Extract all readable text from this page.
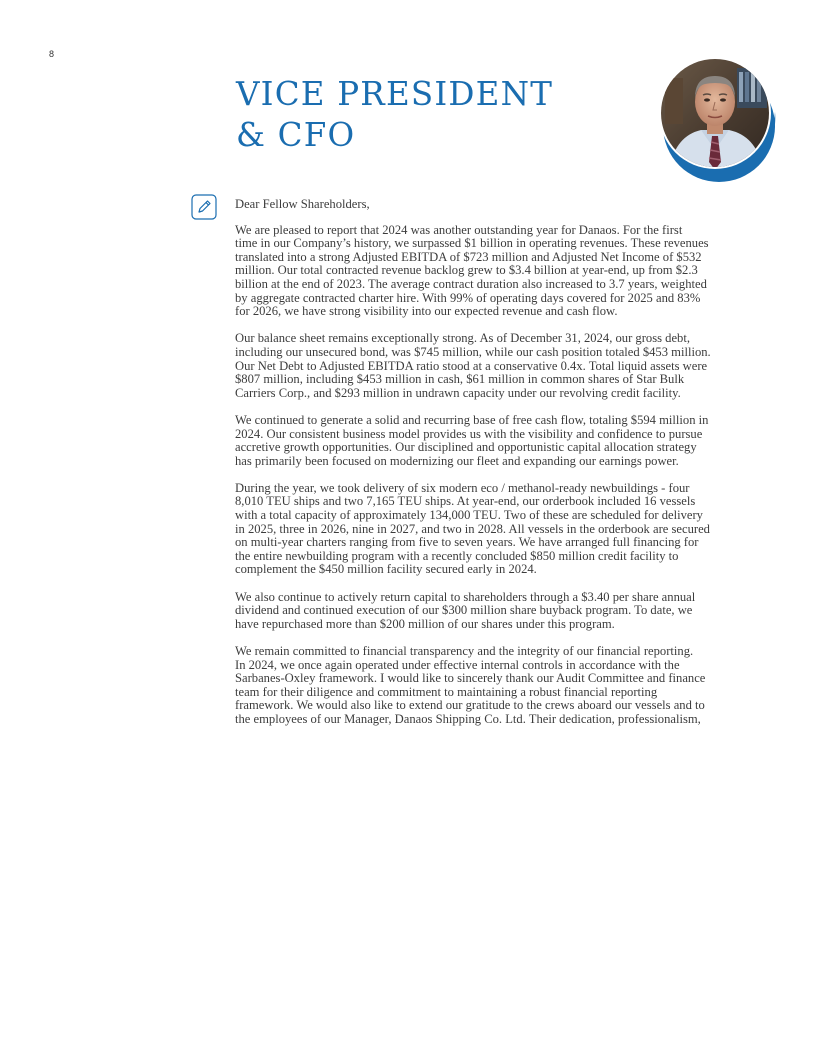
8
VICE PRESIDENT
& CFO

Dear Fellow Shareholders,

We are pleased to report that 2024 was another outstanding year for Danaos. For the first
time in our Company’s history, we surpassed $1 billion in operating revenues. These revenues
translated into a strong Adjusted EBITDA of $723 million and Adjusted Net Income of $532
million. Our total contracted revenue backlog grew to $3.4 billion at year-end, up from $2.3
billion at the end of 2023. The average contract duration also increased to 3.7 years, weighted
by aggregate contracted charter hire. With 99% of operating days covered for 2025 and 83%
for 2026, we have strong visibility into our expected revenue and cash flow.

Our balance sheet remains exceptionally strong. As of December 31, 2024, our gross debt,
including our unsecured bond, was $745 million, while our cash position totaled $453 million.
Our Net Debt to Adjusted EBITDA ratio stood at a conservative 0.4x. Total liquid assets were
$807 million, including $453 million in cash, $61 million in common shares of Star Bulk
Carriers Corp., and $293 million in undrawn capacity under our revolving credit facility.

We continued to generate a solid and recurring base of free cash flow, totaling $594 million in
2024. Our consistent business model provides us with the visibility and confidence to pursue
accretive growth opportunities. Our disciplined and opportunistic capital allocation strategy
has primarily been focused on modernizing our fleet and expanding our earnings power.

During the year, we took delivery of six modern eco / methanol-ready newbuildings - four
8,010 TEU ships and two 7,165 TEU ships. At year-end, our orderbook included 16 vessels
with a total capacity of approximately 134,000 TEU. Two of these are scheduled for delivery
in 2025, three in 2026, nine in 2027, and two in 2028. All vessels in the orderbook are secured
on multi-year charters ranging from five to seven years. We have arranged full financing for
the entire newbuilding program with a recently concluded $850 million credit facility to
complement the $450 million facility secured early in 2024.

We also continue to actively return capital to shareholders through a $3.40 per share annual
dividend and continued execution of our $300 million share buyback program. To date, we
have repurchased more than $200 million of our shares under this program.

We remain committed to financial transparency and the integrity of our financial reporting.
In 2024, we once again operated under effective internal controls in accordance with the
Sarbanes-Oxley framework. I would like to sincerely thank our Audit Committee and finance
team for their diligence and commitment to maintaining a robust financial reporting
framework. We would also like to extend our gratitude to the crews aboard our vessels and to
the employees of our Manager, Danaos Shipping Co. Ltd. Their dedication, professionalism,
